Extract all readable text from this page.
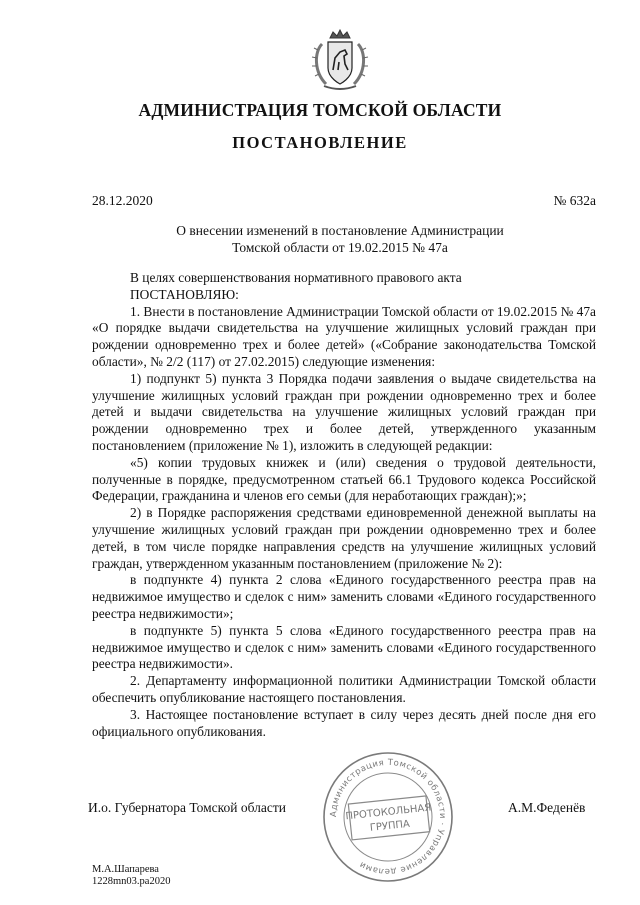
АДМИНИСТРАЦИЯ ТОМСКОЙ ОБЛАСТИ
ПОСТАНОВЛЕНИЕ
28.12.2020	№ 632а
О внесении изменений в постановление Администрации
Томской области от 19.02.2015 № 47а

В целях совершенствования нормативного правового акта

ПОСТАНОВЛЯЮ:

1. Внести в постановление Администрации Томской области от 19.02.2015 № 47а «О порядке выдачи свидетельства на улучшение жилищных условий граждан при рождении одновременно трех и более детей» («Собрание законодательства Томской области», № 2/2 (117) от 27.02.2015) следующие изменения:

1) подпункт 5) пункта 3 Порядка подачи заявления о выдаче свидетельства на улучшение жилищных условий граждан при рождении одновременно трех и более детей и выдачи свидетельства на улучшение жилищных условий граждан при рождении одновременно трех и более детей, утвержденного указанным постановлением (приложение № 1), изложить в следующей редакции:

«5) копии трудовых книжек и (или) сведения о трудовой деятельности, полученные в порядке, предусмотренном статьей 66.1 Трудового кодекса Российской Федерации, гражданина и членов его семьи (для неработающих граждан);»;

2) в Порядке распоряжения средствами единовременной денежной выплаты на улучшение жилищных условий граждан при рождении одновременно трех и более детей, в том числе порядке направления средств на улучшение жилищных условий граждан, утвержденном указанным постановлением (приложение № 2):

в подпункте 4) пункта 2 слова «Единого государственного реестра прав на недвижимое имущество и сделок с ним» заменить словами «Единого государственного реестра недвижимости»;

в подпункте 5) пункта 5 слова «Единого государственного реестра прав на недвижимое имущество и сделок с ним» заменить словами «Единого государственного реестра недвижимости».

2. Департаменту информационной политики Администрации Томской области обеспечить опубликование настоящего постановления.

3. Настоящее постановление вступает в силу через десять дней после дня его официального опубликования.

И.о. Губернатора Томской области	А.М.Феденёв
Администрация Томской области · Управление делами
ПРОТОКОЛЬНАЯ
ГРУППА
М.А.Шапарева
1228mn03.ра2020
